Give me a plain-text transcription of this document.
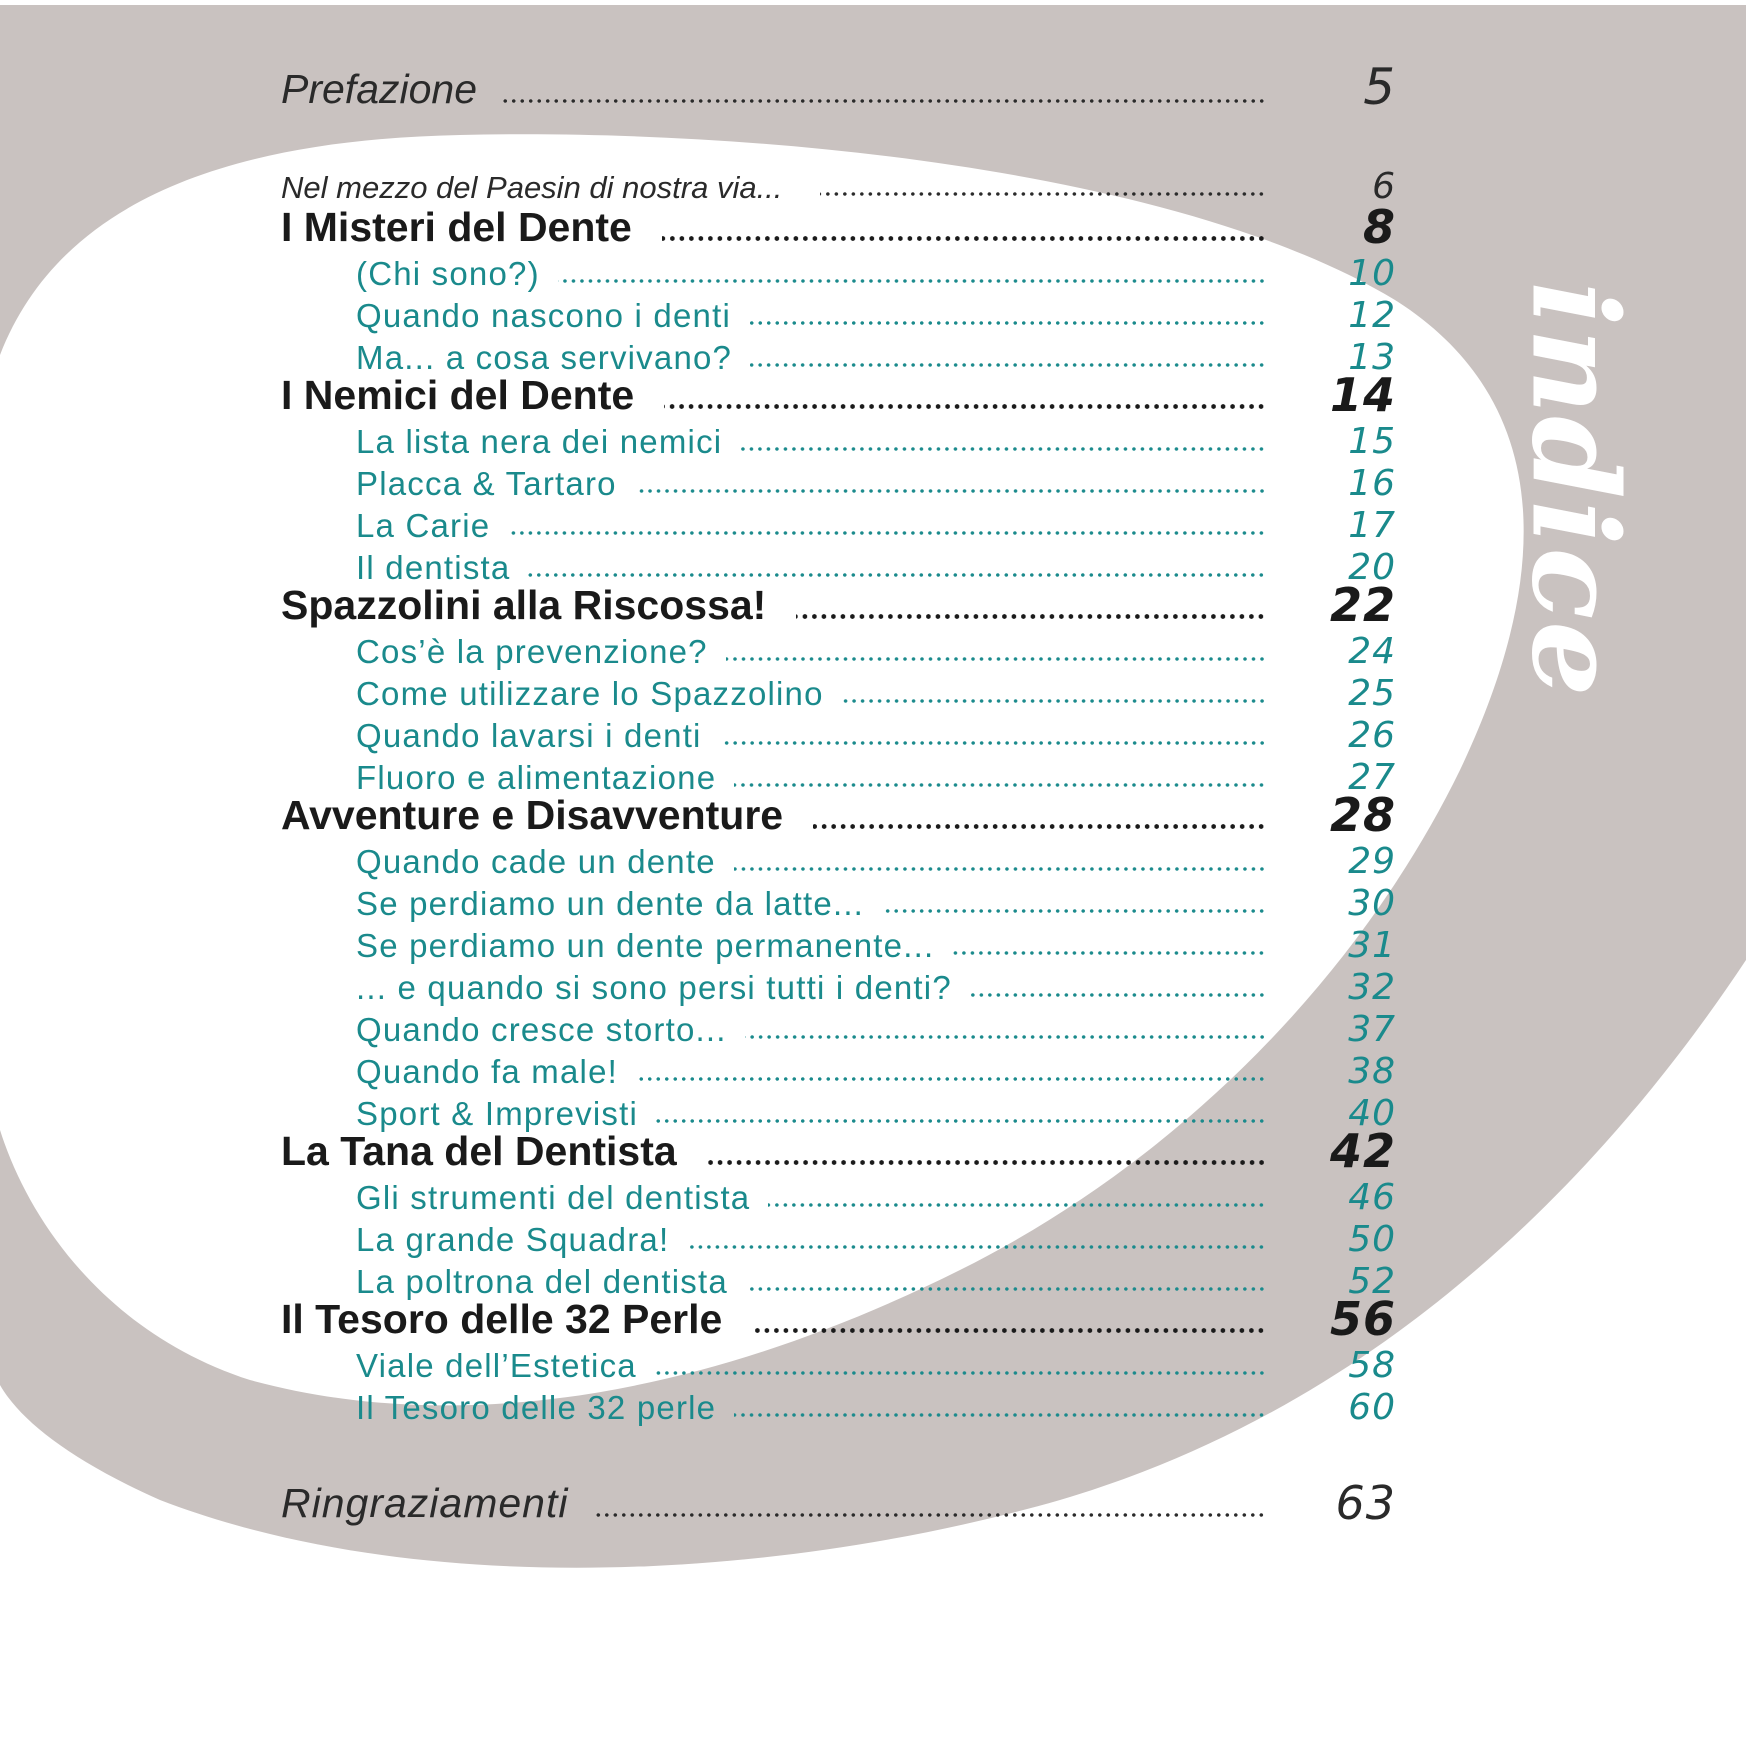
indice
Prefazione	5
Nel mezzo del Paesin di nostra via...	6
I Misteri del Dente	8
(Chi sono?)	10
Quando nascono i denti	12
Ma... a cosa servivano?	13
I Nemici del Dente	14
La lista nera dei nemici	15
Placca & Tartaro	16
La Carie	17
Il dentista	20
Spazzolini alla Riscossa!	22
Cos’è la prevenzione?	24
Come utilizzare lo Spazzolino	25
Quando lavarsi i denti	26
Fluoro e alimentazione	27
Avventure e Disavventure	28
Quando cade un dente	29
Se perdiamo un dente da latte...	30
Se perdiamo un dente permanente...	31
... e quando si sono persi tutti i denti?	32
Quando cresce storto...	37
Quando fa male!	38
Sport & Imprevisti	40
La Tana del Dentista	42
Gli strumenti del dentista	46
La grande Squadra!	50
La poltrona del dentista	52
Il Tesoro delle 32 Perle	56
Viale dell’Estetica	58
Il Tesoro delle 32 perle	60
Ringraziamenti	63
